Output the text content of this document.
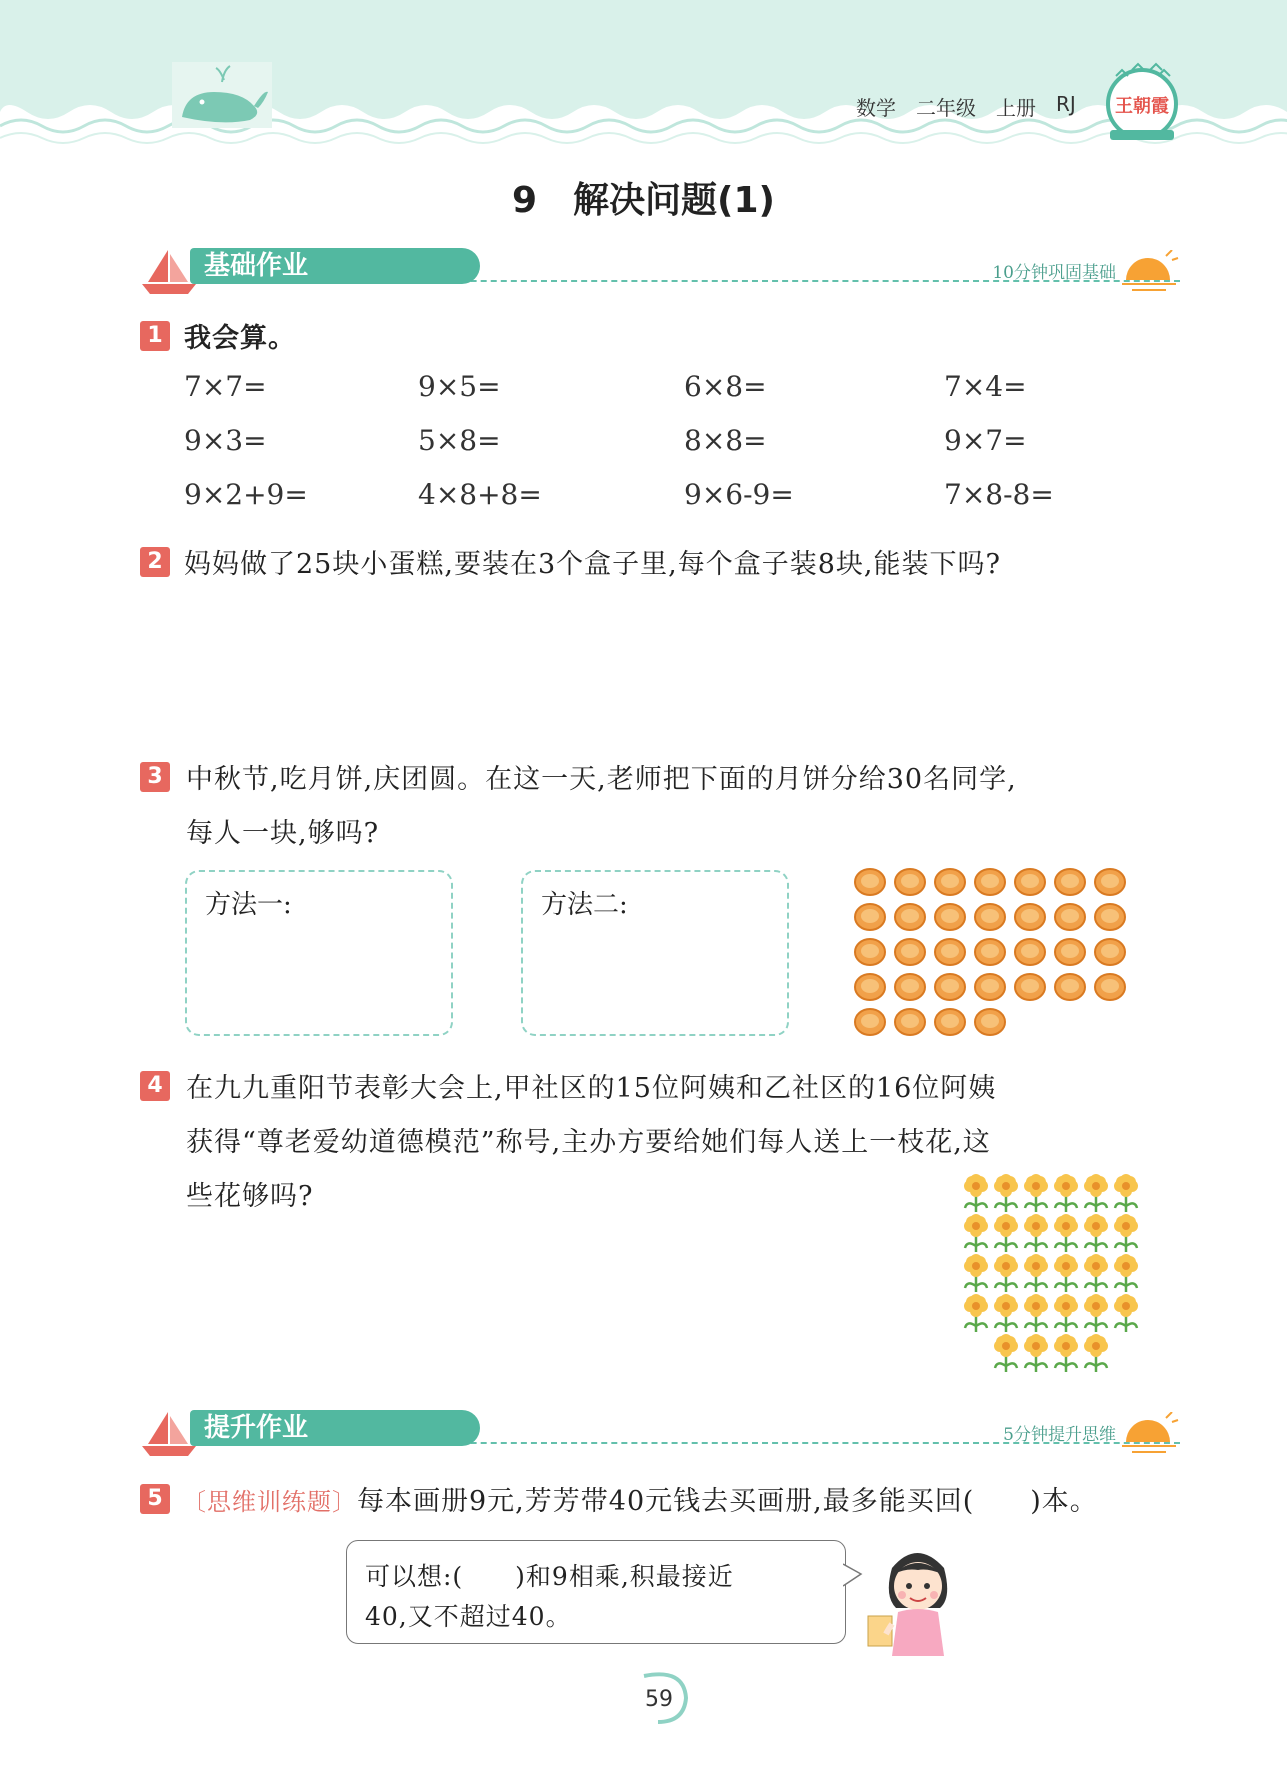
数学 二年级 上册 RJ 王朝霞
9　解决问题(1)
基础作业	10分钟巩固基础
1 我会算。
7×7=	9×5=	6×8=	7×4=
9×3=	5×8=	8×8=	9×7=
9×2+9=	4×8+8=	9×6-9=	7×8-8=
2 妈妈做了25块小蛋糕,要装在3个盒子里,每个盒子装8块,能装下吗?
3 中秋节,吃月饼,庆团圆。在这一天,老师把下面的月饼分给30名同学,
每人一块,够吗?
方法一:	方法二:
4 在九九重阳节表彰大会上,甲社区的15位阿姨和乙社区的16位阿姨
获得“尊老爱幼道德模范”称号,主办方要给她们每人送上一枝花,这
些花够吗?
提升作业	5分钟提升思维
5 〔思维训练题〕每本画册9元,芳芳带40元钱去买画册,最多能买回(　　)本。
可以想:(　　)和9相乘,积最接近
40,又不超过40。
59
